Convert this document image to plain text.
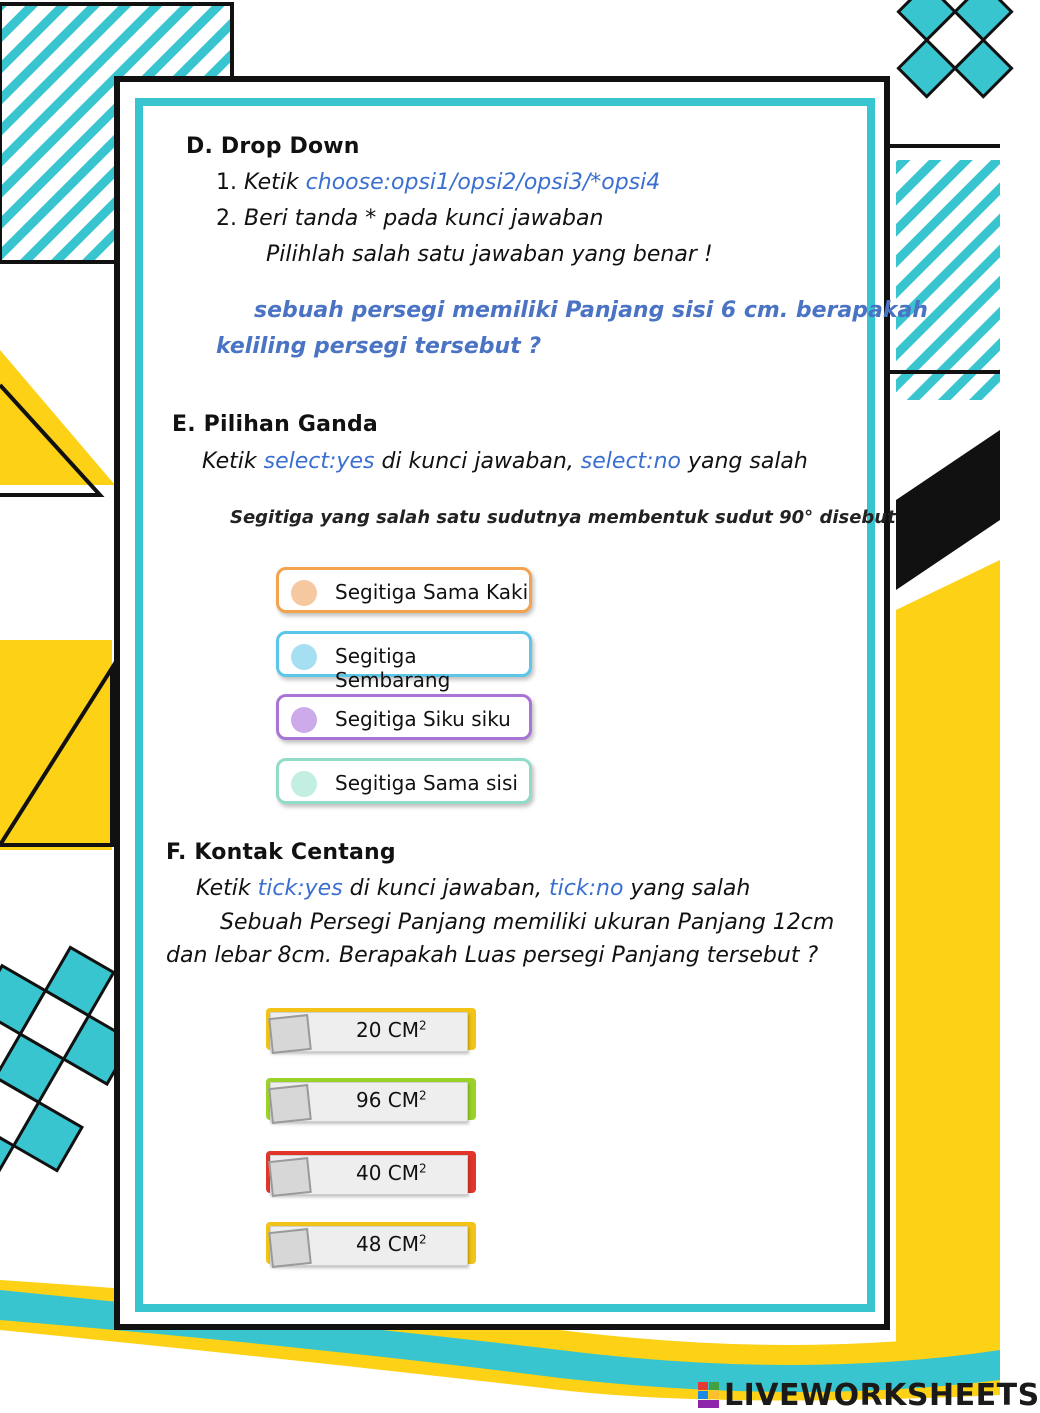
D. Drop Down
1. Ketik choose:opsi1/opsi2/opsi3/*opsi4
2. Beri tanda * pada kunci jawaban
Pilihlah salah satu jawaban yang benar !
sebuah persegi memiliki Panjang sisi 6 cm. berapakah
keliling persegi tersebut ?
E. Pilihan Ganda
Ketik select:yes di kunci jawaban, select:no yang salah
Segitiga yang salah satu sudutnya membentuk sudut 90° disebut
Segitiga Sama Kaki
Segitiga Sembarang
Segitiga Siku siku
Segitiga Sama sisi
F. Kontak Centang
Ketik tick:yes di kunci jawaban, tick:no yang salah
Sebuah Persegi Panjang memiliki ukuran Panjang 12cm
dan lebar 8cm. Berapakah Luas persegi Panjang tersebut ?
20 $CM^2$
96 $CM^2$
40 $CM^2$
48 $CM^2$
LIVEWORKSHEETS
